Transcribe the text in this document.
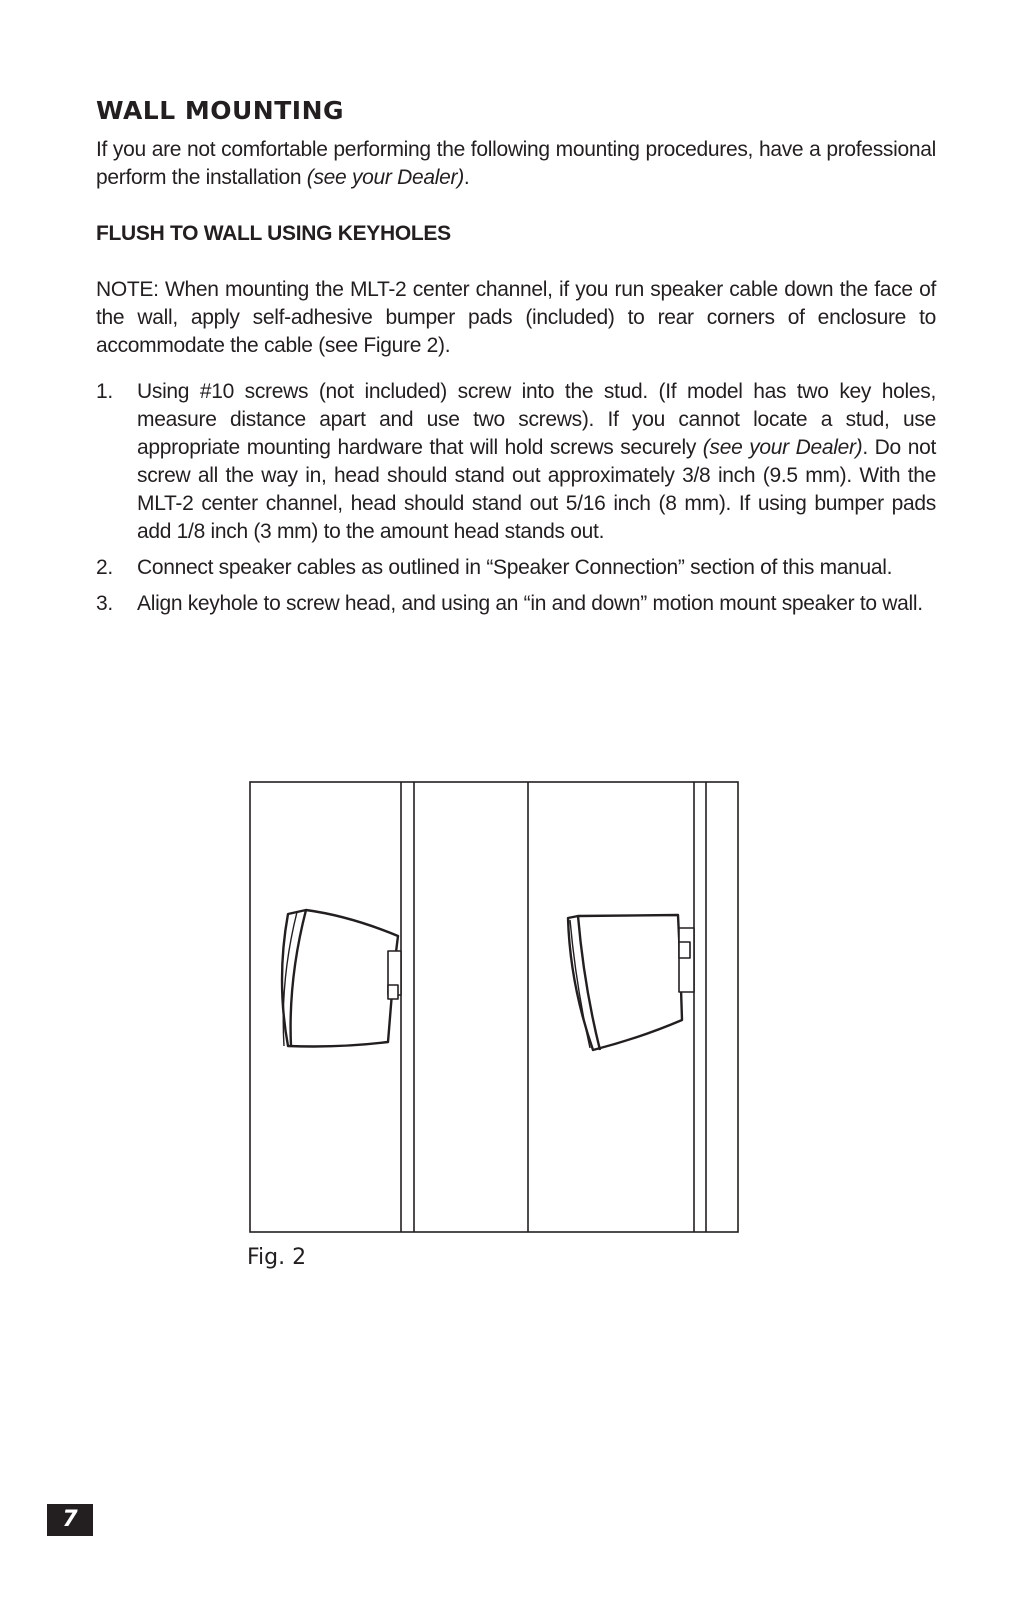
WALL MOUNTING

If you are not comfortable performing the following mounting procedures, have a professional perform the installation (see your Dealer).

FLUSH TO WALL USING KEYHOLES

NOTE: When mounting the MLT-2 center channel, if you run speaker cable down the face of the wall, apply self-adhesive bumper pads (included) to rear corners of enclosure to accommodate the cable (see Figure 2).

1. Using #10 screws (not included) screw into the stud. (If model has two key holes, measure distance apart and use two screws). If you cannot locate a stud, use appropriate mounting hardware that will hold screws securely (see your Dealer). Do not screw all the way in, head should stand out approximately 3/8 inch (9.5 mm). With the MLT-2 center channel, head should stand out 5/16 inch (8 mm). If using bumper pads add 1/8 inch (3 mm) to the amount head stands out.
2. Connect speaker cables as outlined in “Speaker Connection” section of this manual.
3. Align keyhole to screw head, and using an “in and down” motion mount speaker to wall.

Fig. 2

7
